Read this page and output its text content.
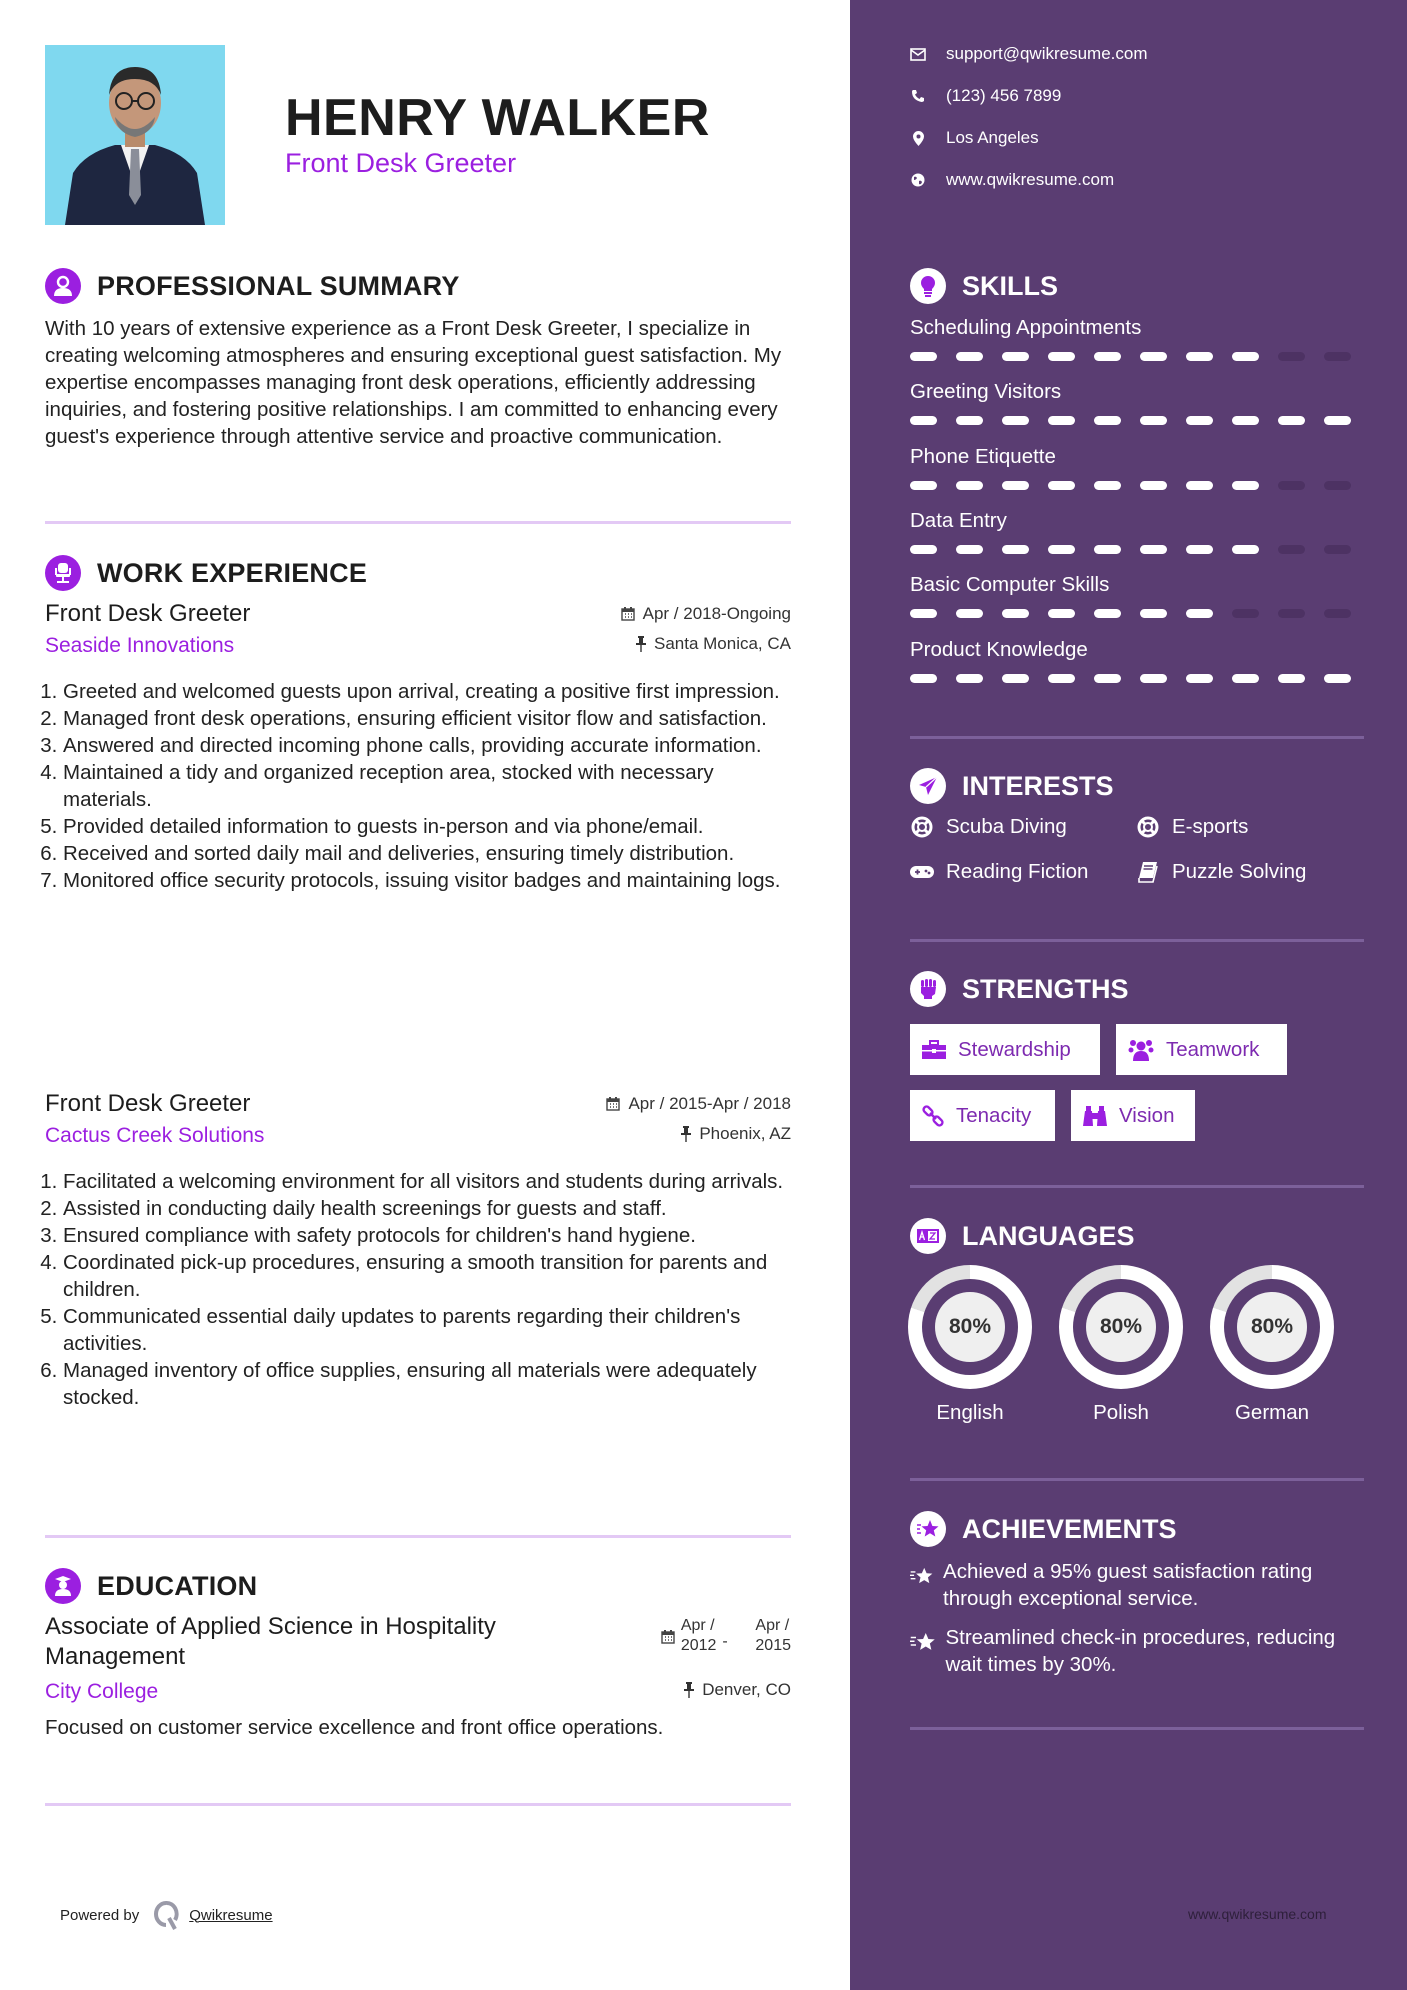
HENRY WALKER
Front Desk Greeter
PROFESSIONAL SUMMARY
With 10 years of extensive experience as a Front Desk Greeter, I specialize in creating welcoming atmospheres and ensuring exceptional guest satisfaction. My expertise encompasses managing front desk operations, efficiently addressing inquiries, and fostering positive relationships. I am committed to enhancing every guest's experience through attentive service and proactive communication.
WORK EXPERIENCE
Front Desk Greeter	Apr / 2018-Ongoing
Seaside Innovations	Santa Monica, CA
1. Greeted and welcomed guests upon arrival, creating a positive first impression.
2. Managed front desk operations, ensuring efficient visitor flow and satisfaction.
3. Answered and directed incoming phone calls, providing accurate information.
4. Maintained a tidy and organized reception area, stocked with necessary materials.
5. Provided detailed information to guests in-person and via phone/email.
6. Received and sorted daily mail and deliveries, ensuring timely distribution.
7. Monitored office security protocols, issuing visitor badges and maintaining logs.
Front Desk Greeter	Apr / 2015-Apr / 2018
Cactus Creek Solutions	Phoenix, AZ
1. Facilitated a welcoming environment for all visitors and students during arrivals.
2. Assisted in conducting daily health screenings for guests and staff.
3. Ensured compliance with safety protocols for children's hand hygiene.
4. Coordinated pick-up procedures, ensuring a smooth transition for parents and children.
5. Communicated essential daily updates to parents regarding their children's activities.
6. Managed inventory of office supplies, ensuring all materials were adequately stocked.
EDUCATION
Associate of Applied Science in Hospitality Management
Apr /
2012 -
Apr /
2015
City College	Denver, CO
Focused on customer service excellence and front office operations.
Powered by	Qwikresume
support@qwikresume.com
(123) 456 7899
Los Angeles
www.qwikresume.com
SKILLS
Scheduling Appointments
Greeting Visitors
Phone Etiquette
Data Entry
Basic Computer Skills
Product Knowledge
INTERESTS
Scuba Diving	E-sports
Reading Fiction	Puzzle Solving
STRENGTHS
Stewardship	Teamwork
Tenacity	Vision
LANGUAGES
80%
English
80%
Polish
80%
German
ACHIEVEMENTS
Achieved a 95% guest satisfaction rating through exceptional service.
Streamlined check-in procedures, reducing wait times by 30%.
www.qwikresume.com
